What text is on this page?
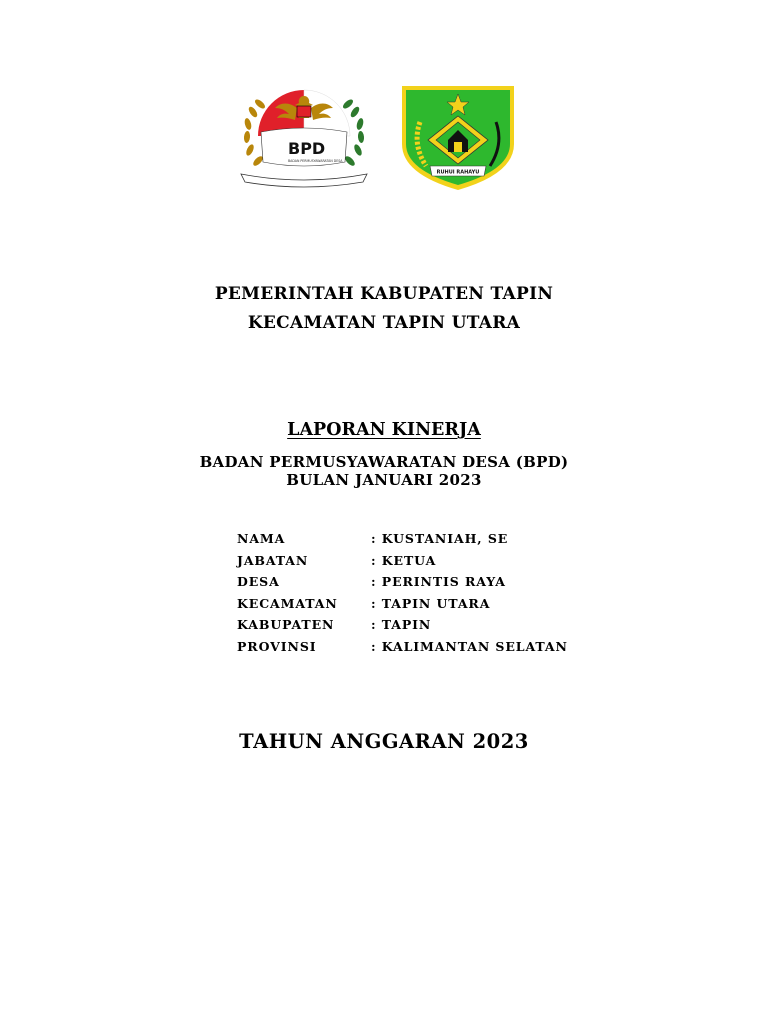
BPD
BADAN PERMUSYAWARATAN DESA
RUHUI RAHAYU
PEMERINTAH KABUPATEN TAPIN
KECAMATAN TAPIN UTARA
LAPORAN KINERJA
BADAN PERMUSYAWARATAN DESA (BPD)
BULAN JANUARI 2023
NAMA	: KUSTANIAH, SE
JABATAN	: KETUA
DESA	: PERINTIS RAYA
KECAMATAN	: TAPIN UTARA
KABUPATEN	: TAPIN
PROVINSI	: KALIMANTAN SELATAN
TAHUN ANGGARAN 2023
